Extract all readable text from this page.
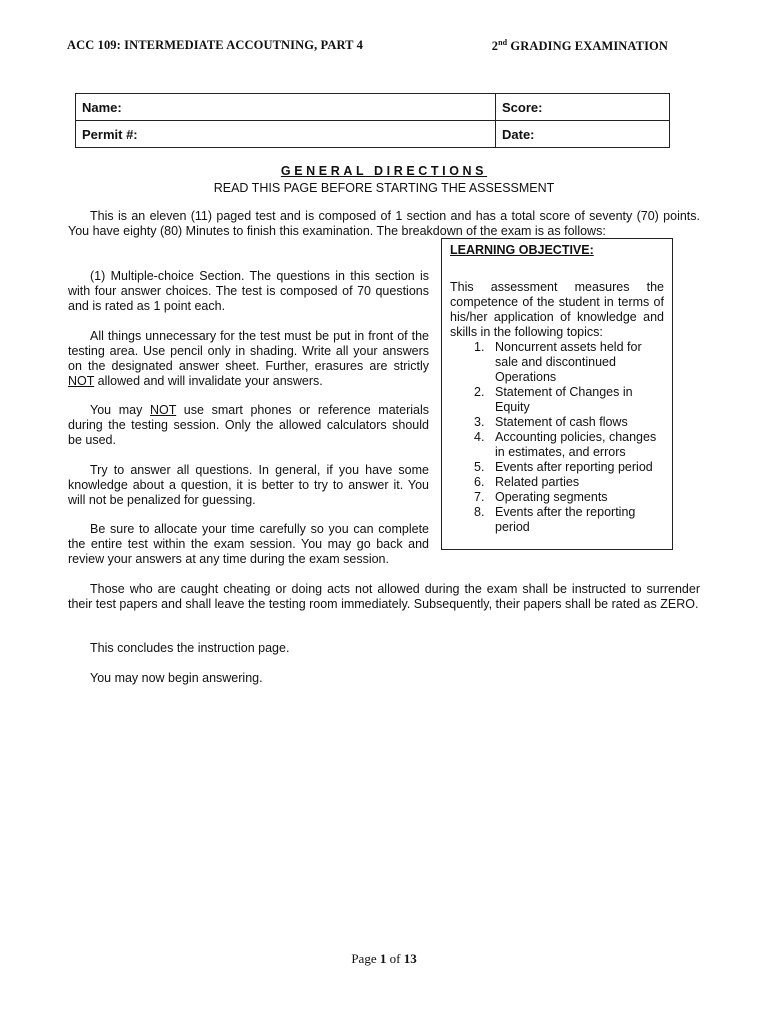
ACC 109: INTERMEDIATE ACCOUTNING, PART 4	2nd GRADING EXAMINATION
Name:	Score:
Permit #:	Date:
GENERAL DIRECTIONS
READ THIS PAGE BEFORE STARTING THE ASSESSMENT
This is an eleven (11) paged test and is composed of 1 section and has a total score of seventy (70) points. You have eighty (80) Minutes to finish this examination. The breakdown of the exam is as follows:
(1) Multiple-choice Section. The questions in this section is with four answer choices. The test is composed of 70 questions and is rated as 1 point each.
All things unnecessary for the test must be put in front of the testing area. Use pencil only in shading. Write all your answers on the designated answer sheet. Further, erasures are strictly NOT allowed and will invalidate your answers.
You may NOT use smart phones or reference materials during the testing session. Only the allowed calculators should be used.
Try to answer all questions. In general, if you have some knowledge about a question, it is better to try to answer it. You will not be penalized for guessing.
Be sure to allocate your time carefully so you can complete the entire test within the exam session. You may go back and review your answers at any time during the exam session.
Those who are caught cheating or doing acts not allowed during the exam shall be instructed to surrender their test papers and shall leave the testing room immediately. Subsequently, their papers shall be rated as ZERO.
This concludes the instruction page.
You may now begin answering.
LEARNING OBJECTIVE:
This assessment measures the competence of the student in terms of his/her application of knowledge and skills in the following topics:
1. Noncurrent assets held for sale and discontinued Operations
2. Statement of Changes in Equity
3. Statement of cash flows
4. Accounting policies, changes in estimates, and errors
5. Events after reporting period
6. Related parties
7. Operating segments
8. Events after the reporting period
Page 1 of 13
